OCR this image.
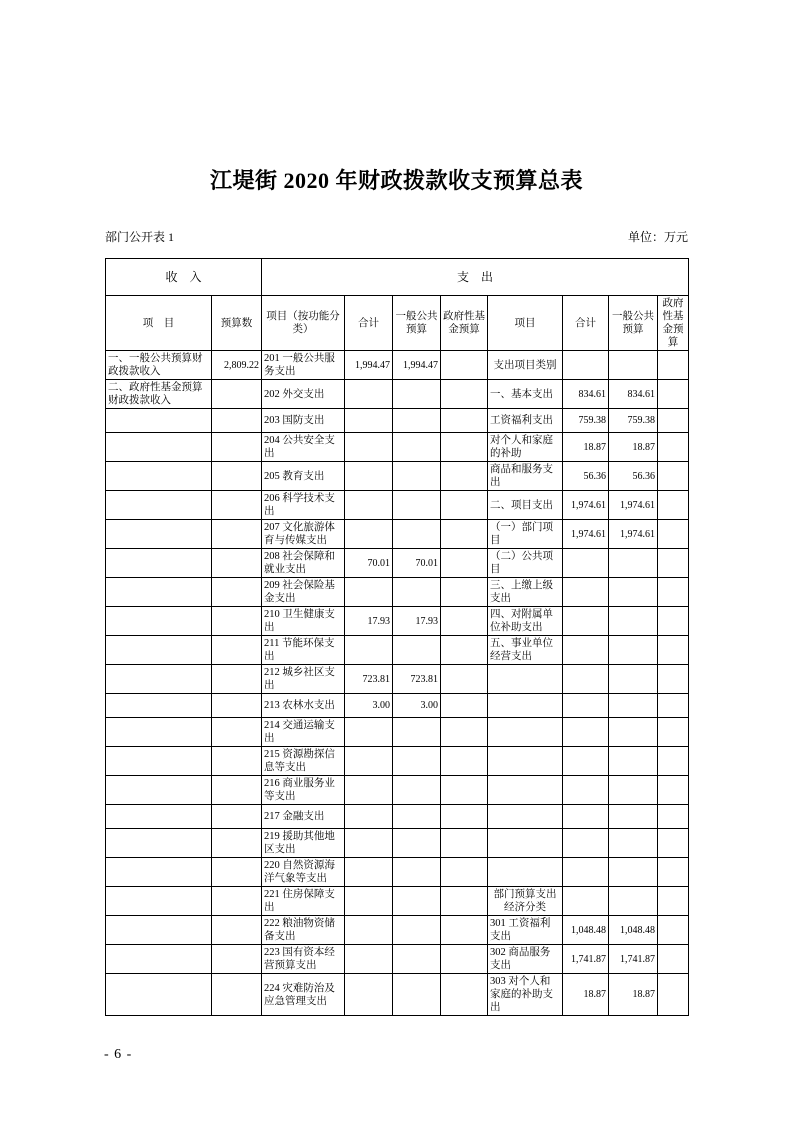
江堤街 2020 年财政拨款收支预算总表
部门公开表 1	单位：万元
收　入		支　出							
项　目	预算数	项目（按功能分类）	合计	一般公共预算	政府性基金预算	项目	合计	一般公共预算	政府性基金预算
一、一般公共预算财政拨款收入	2,809.22	201 一般公共服务支出	1,994.47	1,994.47		支出项目类别			
二、政府性基金预算财政拨款收入		202 外交支出				一、基本支出	834.61	834.61	
		203 国防支出				工资福利支出	759.38	759.38	
		204 公共安全支出				对个人和家庭的补助	18.87	18.87	
		205 教育支出				商品和服务支出	56.36	56.36	
		206 科学技术支出				二、项目支出	1,974.61	1,974.61	
		207 文化旅游体育与传媒支出				（一）部门项目	1,974.61	1,974.61	
		208 社会保障和就业支出	70.01	70.01		（二）公共项目			
		209 社会保险基金支出				三、上缴上级支出			
		210 卫生健康支出	17.93	17.93		四、对附属单位补助支出			
		211 节能环保支出				五、事业单位经营支出			
		212 城乡社区支出	723.81	723.81					
		213 农林水支出	3.00	3.00					
		214 交通运输支出							
		215 资源勘探信息等支出							
		216 商业服务业等支出							
		217 金融支出							
		219 援助其他地区支出							
		220 自然资源海洋气象等支出							
		221 住房保障支出				部门预算支出经济分类			
		222 粮油物资储备支出				301 工资福利支出	1,048.48	1,048.48	
		223 国有资本经营预算支出				302 商品服务支出	1,741.87	1,741.87	
		224 灾难防治及应急管理支出				303 对个人和家庭的补助支出	18.87	18.87	
- 6 -
